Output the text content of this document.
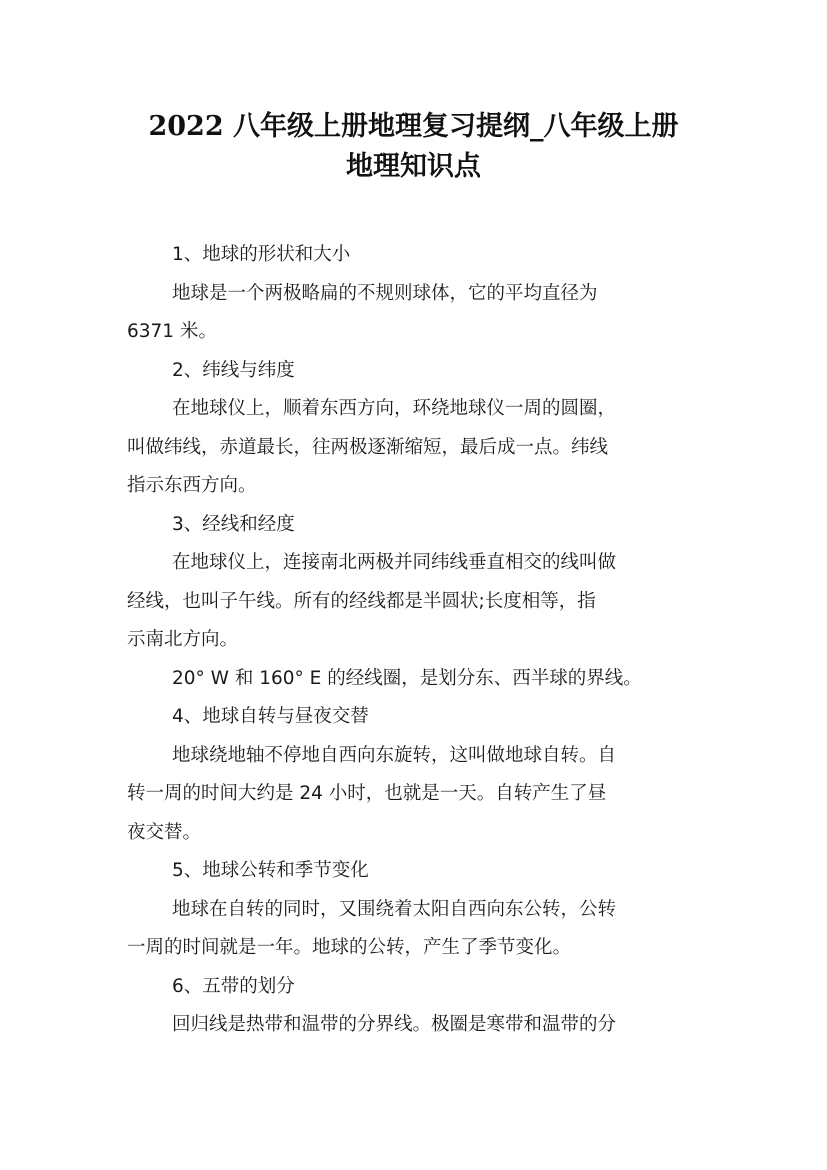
2022 八年级上册地理复习提纲_八年级上册
地理知识点
1、地球的形状和大小
地球是一个两极略扁的不规则球体，它的平均直径为
6371 米。
2、纬线与纬度
在地球仪上，顺着东西方向，环绕地球仪一周的圆圈，
叫做纬线，赤道最长，往两极逐渐缩短，最后成一点。纬线
指示东西方向。
3、经线和经度
在地球仪上，连接南北两极并同纬线垂直相交的线叫做
经线，也叫子午线。所有的经线都是半圆状;长度相等，指
示南北方向。
20° W 和 160° E 的经线圈，是划分东、西半球的界线。
4、地球自转与昼夜交替
地球绕地轴不停地自西向东旋转，这叫做地球自转。自
转一周的时间大约是 24 小时，也就是一天。自转产生了昼
夜交替。
5、地球公转和季节变化
地球在自转的同时，又围绕着太阳自西向东公转，公转
一周的时间就是一年。地球的公转，产生了季节变化。
6、五带的划分
回归线是热带和温带的分界线。极圈是寒带和温带的分
